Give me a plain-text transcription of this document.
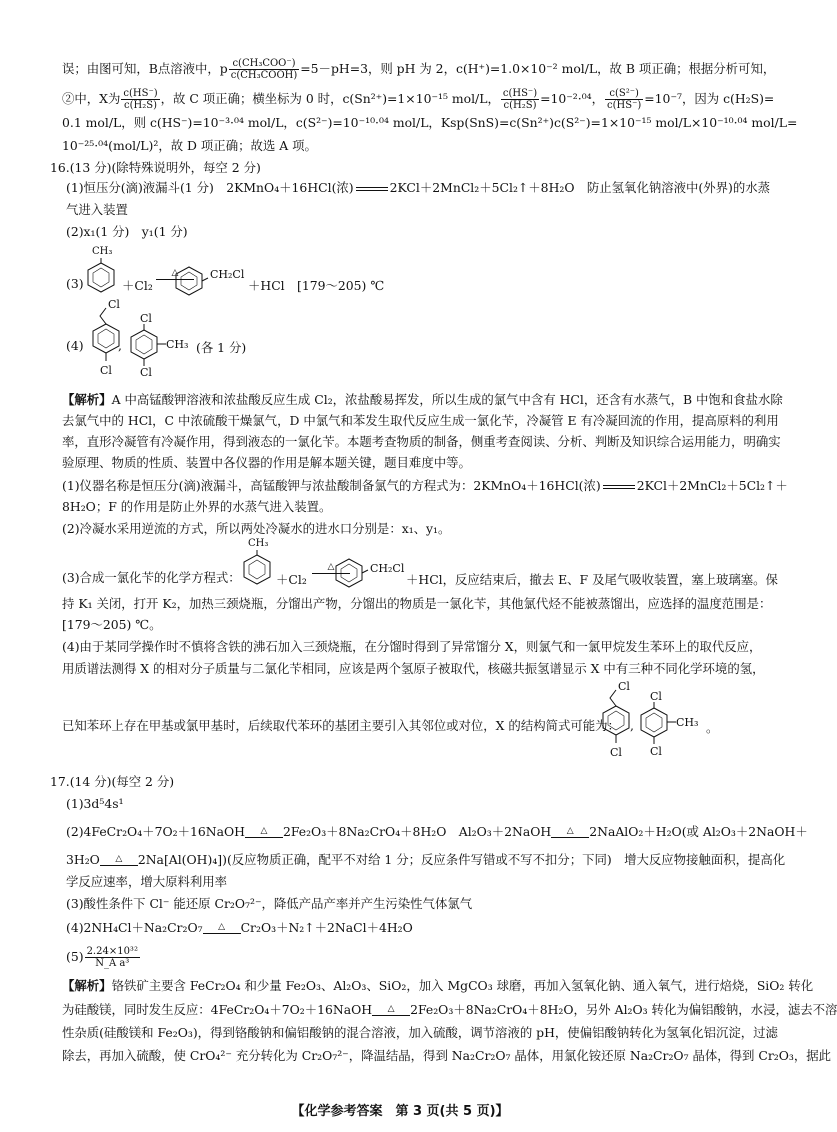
误；由图可知，B点溶液中，p $\frac{\text{c(CH₃COO⁻)}}{\text{c(CH₃COOH)}} =5-pH=3$，则 pH 为 2，c(H⁺)=1.0×10⁻² mol/L，故 B 项正确；根据分析可知，
②中，X为 $\frac{c(HS^-)}{\text{c(H₂S)}}$ ，故 C 项正确；横坐标为 0 时，c(Sn²⁺)=1×10⁻¹⁵ mol/L， $\frac{c(HS^-)}{\text{c(H₂S)}} =10^{-2}\cdot^{04}$， $\frac{\text{c(S²⁻)}}{c(HS^-)} =10^{-7}$，因为 c(H₂S)=
0.1 mol/L，则 c(HS⁻)=10⁻³·⁰⁴ mol/L，c(S²⁻)=10⁻¹⁰·⁰⁴ mol/L，Ksp(SnS)=c(Sn²⁺)c(S²⁻)=1×10⁻¹⁵ mol/L×10⁻¹⁰·⁰⁴ mol/L=
10⁻²⁵·⁰⁴(mol/L)²，故 D 项正确；故选 A 项。
16.(13 分)(除特殊说明外，每空 2 分)
(1)恒压分(滴)液漏斗(1 分)　2KMnO₄＋16HCl(浓)	2KCl＋2MnCl₂＋5Cl₂↑＋8H₂O　防止氢氧化钠溶液中(外界)的水蒸
气进入装置
(2)x₁(1 分)　y₁(1 分)
(3)
CH₃
＋Cl₂
△	CH₂Cl
＋HCl　[179～205) ℃
(4)
Cl
Cl
,
Cl
CH₃
Cl
(各 1 分)
【解析】A 中高锰酸钾溶液和浓盐酸反应生成 Cl₂，浓盐酸易挥发，所以生成的氯气中含有 HCl，还含有水蒸气，B 中饱和食盐水除
去氯气中的 HCl，C 中浓硫酸干燥氯气，D 中氯气和苯发生取代反应生成一氯化苄，冷凝管 E 有冷凝回流的作用，提高原料的利用
率，直形冷凝管有冷凝作用，得到液态的一氯化苄。本题考查物质的制备，侧重考查阅读、分析、判断及知识综合运用能力，明确实
验原理、物质的性质、装置中各仪器的作用是解本题关键，题目难度中等。
(1)仪器名称是恒压分(滴)液漏斗，高锰酸钾与浓盐酸制备氯气的方程式为：2KMnO₄＋16HCl(浓)	2KCl＋2MnCl₂＋5Cl₂↑＋
8H₂O；F 的作用是防止外界的水蒸气进入装置。
(2)冷凝水采用逆流的方式，所以两处冷凝水的进水口分别是：x₁、y₁。
(3)合成一氯化苄的化学方程式：
CH₃
＋Cl₂
△	CH₂Cl
＋HCl，反应结束后，撤去 E、F 及尾气吸收装置，塞上玻璃塞。保
持 K₁ 关闭，打开 K₂，加热三颈烧瓶，分馏出产物，分馏出的物质是一氯化苄，其他氯代烃不能被蒸馏出，应选择的温度范围是：
[179～205) ℃。
(4)由于某同学操作时不慎将含铁的沸石加入三颈烧瓶，在分馏时得到了异常馏分 X，则氯气和一氯甲烷发生苯环上的取代反应，
用质谱法测得 X 的相对分子质量与二氯化苄相同，应该是两个氢原子被取代，核磁共振氢谱显示 X 中有三种不同化学环境的氢，
已知苯环上存在甲基或氯甲基时，后续取代苯环的基团主要引入其邻位或对位，X 的结构简式可能为：
Cl
Cl
,
Cl
CH₃
Cl
。
17.(14 分)(每空 2 分)
(1)3d⁵4s¹
(2)4FeCr₂O₄＋7O₂＋16NaOH	△	2Fe₂O₃＋8Na₂CrO₄＋8H₂O　Al₂O₃＋2NaOH	△	2NaAlO₂＋H₂O(或 Al₂O₃＋2NaOH＋
3H₂O	△	2Na[Al(OH)₄])(反应物质正确，配平不对给 1 分；反应条件写错或不写不扣分；下同)　增大反应物接触面积，提高化
学反应速率，增大原料利用率
(3)酸性条件下 Cl⁻ 能还原 Cr₂O₇²⁻，降低产品产率并产生污染性气体氯气
(4)2NH₄Cl＋Na₂Cr₂O₇	△	Cr₂O₃＋N₂↑＋2NaCl＋4H₂O
$(5) \frac{\text{2.24×10³²}}{\text{N\_A a³}}$
【解析】铬铁矿主要含 FeCr₂O₄ 和少量 Fe₂O₃、Al₂O₃、SiO₂，加入 MgCO₃ 球磨，再加入氢氧化钠、通入氧气，进行焙烧，SiO₂ 转化
为硅酸镁，同时发生反应：4FeCr₂O₄＋7O₂＋16NaOH	△	2Fe₂O₃＋8Na₂CrO₄＋8H₂O，另外 Al₂O₃ 转化为偏铝酸钠，水浸，滤去不溶
性杂质(硅酸镁和 Fe₂O₃)，得到铬酸钠和偏铝酸钠的混合溶液，加入硫酸，调节溶液的 pH，使偏铝酸钠转化为氢氧化铝沉淀，过滤
除去，再加入硫酸，使 CrO₄²⁻ 充分转化为 Cr₂O₇²⁻，降温结晶，得到 Na₂Cr₂O₇ 晶体，用氯化铵还原 Na₂Cr₂O₇ 晶体，得到 Cr₂O₃，据此
【化学参考答案　第 3 页(共 5 页)】
